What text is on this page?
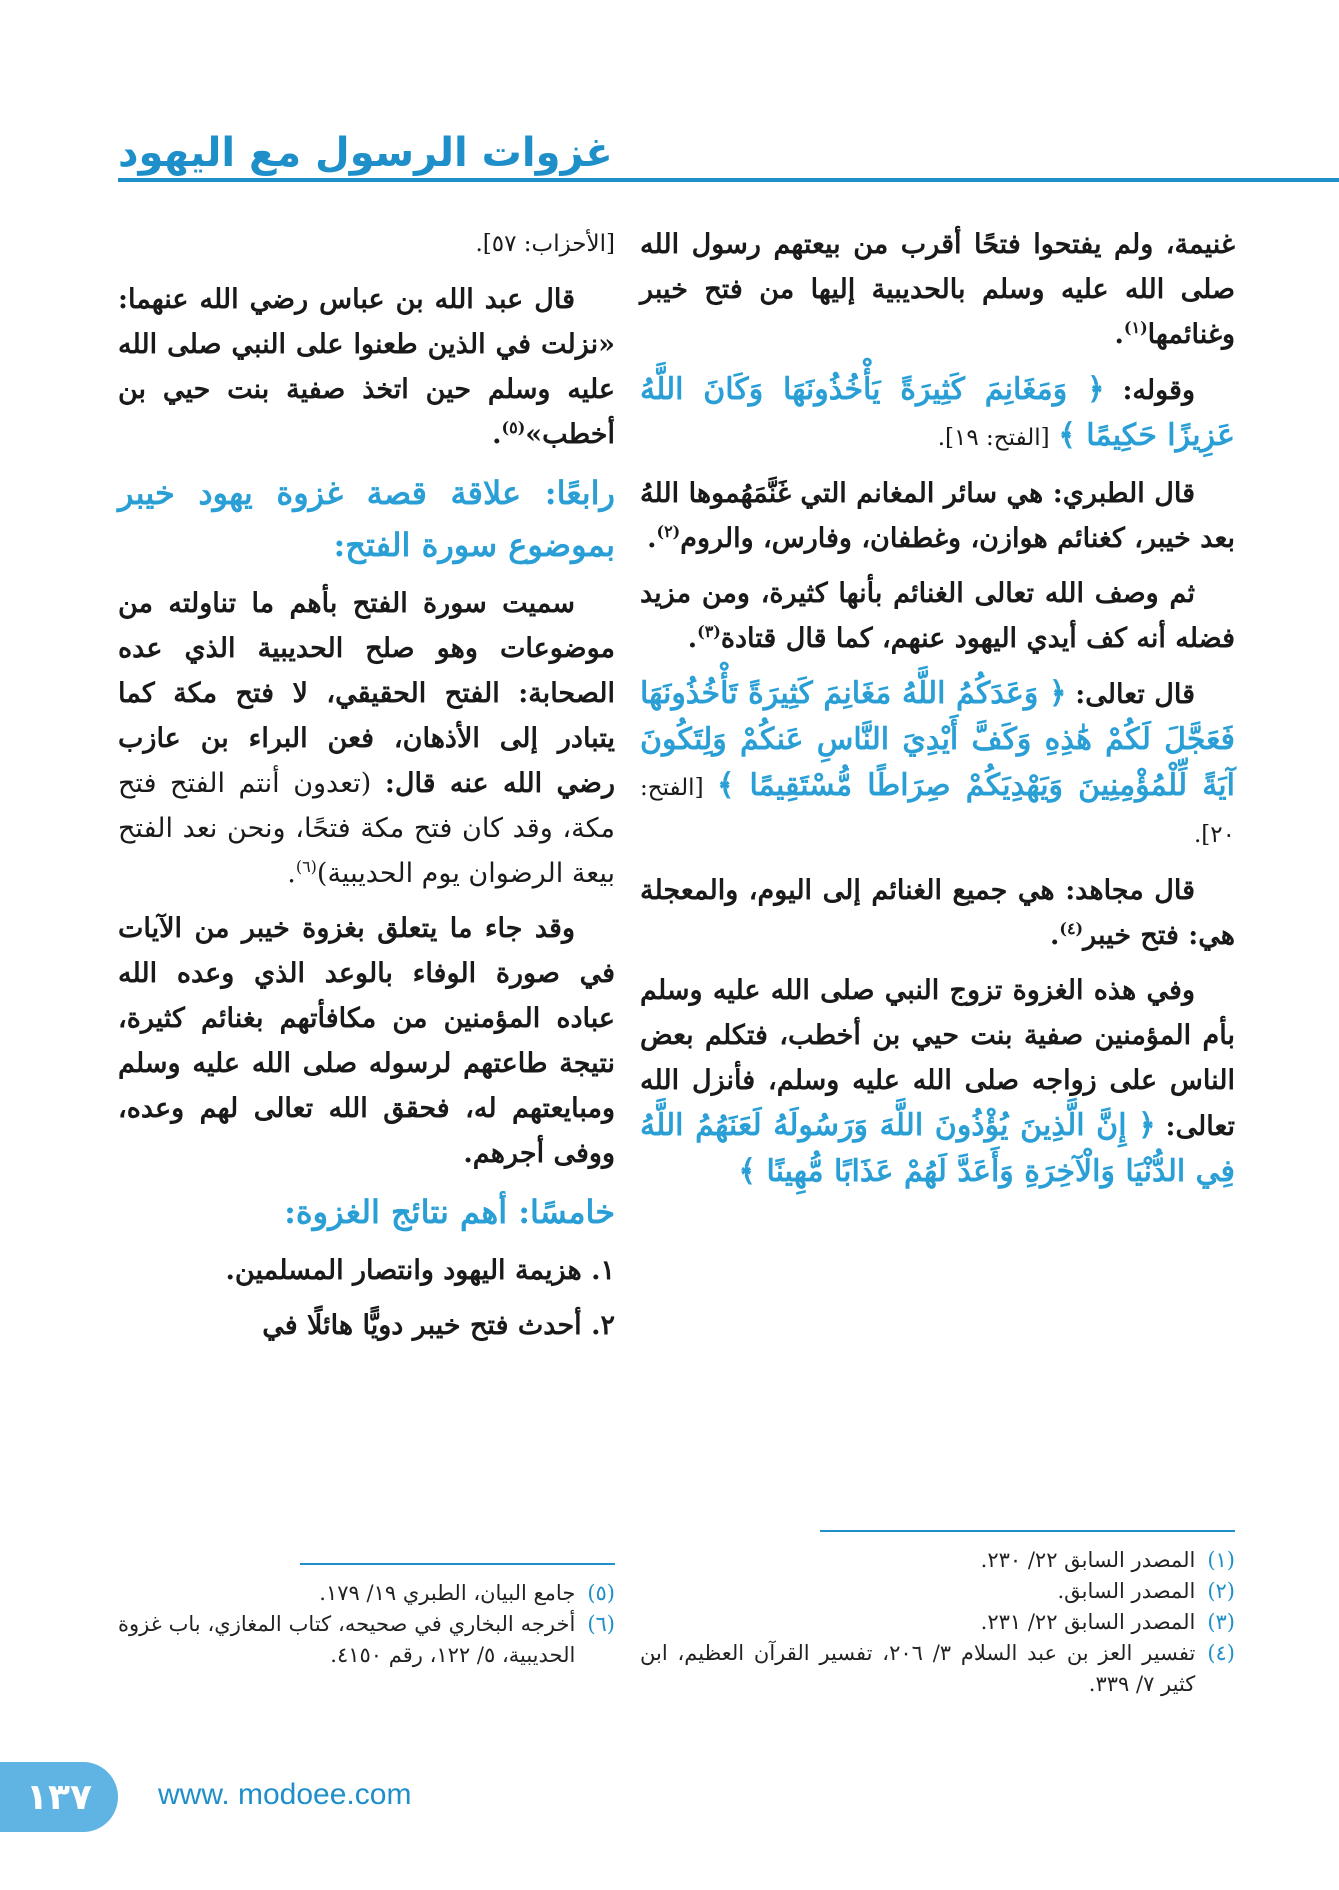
غزوات الرسول مع اليهود

غنيمة، ولم يفتحوا فتحًا أقرب من بيعتهم رسول الله صلى الله عليه وسلم بالحديبية إليها من فتح خيبر وغنائمها$^{(١)}$.

وقوله: ﴿ وَمَغَانِمَ كَثِيرَةً يَأْخُذُونَهَا وَكَانَ اللَّهُ عَزِيزًا حَكِيمًا ﴾ [الفتح: ١٩].

قال الطبري: هي سائر المغانم التي غَنَّمَهُموها اللهُ بعد خيبر، كغنائم هوازن، وغطفان، وفارس، والروم$^{(٢)}$.

ثم وصف الله تعالى الغنائم بأنها كثيرة، ومن مزيد فضله أنه كف أيدي اليهود عنهم، كما قال قتادة$^{(٣)}$.

قال تعالى: ﴿ وَعَدَكُمُ اللَّهُ مَغَانِمَ كَثِيرَةً تَأْخُذُونَهَا فَعَجَّلَ لَكُمْ هَٰذِهِ وَكَفَّ أَيْدِيَ النَّاسِ عَنكُمْ وَلِتَكُونَ آيَةً لِّلْمُؤْمِنِينَ وَيَهْدِيَكُمْ صِرَاطًا مُّسْتَقِيمًا ﴾ [الفتح: ٢٠].

قال مجاهد: هي جميع الغنائم إلى اليوم، والمعجلة هي: فتح خيبر$^{(٤)}$.

وفي هذه الغزوة تزوج النبي صلى الله عليه وسلم بأم المؤمنين صفية بنت حيي بن أخطب، فتكلم بعض الناس على زواجه صلى الله عليه وسلم، فأنزل الله تعالى: ﴿ إِنَّ الَّذِينَ يُؤْذُونَ اللَّهَ وَرَسُولَهُ لَعَنَهُمُ اللَّهُ فِي الدُّنْيَا وَالْآخِرَةِ وَأَعَدَّ لَهُمْ عَذَابًا مُّهِينًا ﴾

[الأحزاب: ٥٧].

قال عبد الله بن عباس رضي الله عنهما: «نزلت في الذين طعنوا على النبي صلى الله عليه وسلم حين اتخذ صفية بنت حيي بن أخطب»$^{(٥)}$.

رابعًا: علاقة قصة غزوة يهود خيبر بموضوع سورة الفتح:

سميت سورة الفتح بأهم ما تناولته من موضوعات وهو صلح الحديبية الذي عده الصحابة: الفتح الحقيقي، لا فتح مكة كما يتبادر إلى الأذهان، فعن البراء بن عازب رضي الله عنه قال: (تعدون أنتم الفتح فتح مكة، وقد كان فتح مكة فتحًا، ونحن نعد الفتح بيعة الرضوان يوم الحديبية)$^{(٦)}$.

وقد جاء ما يتعلق بغزوة خيبر من الآيات في صورة الوفاء بالوعد الذي وعده الله عباده المؤمنين من مكافأتهم بغنائم كثيرة، نتيجة طاعتهم لرسوله صلى الله عليه وسلم ومبايعتهم له، فحقق الله تعالى لهم وعده، ووفى أجرهم.

خامسًا: أهم نتائج الغزوة:

١. هزيمة اليهود وانتصار المسلمين.

٢. أحدث فتح خيبر دويًّا هائلًا في

(١)
المصدر السابق ٢٢/ ٢٣٠.
(٢)
المصدر السابق.
(٣)
المصدر السابق ٢٢/ ٢٣١.
(٤)
تفسير العز بن عبد السلام ٣/ ٢٠٦، تفسير القرآن العظيم، ابن كثير ٧/ ٣٣٩.
(٥)
جامع البيان، الطبري ١٩/ ١٧٩.
(٦)
أخرجه البخاري في صحيحه، كتاب المغازي، باب غزوة الحديبية، ٥/ ١٢٢، رقم ٤١٥٠.
١٣٧	www. modoee.com
